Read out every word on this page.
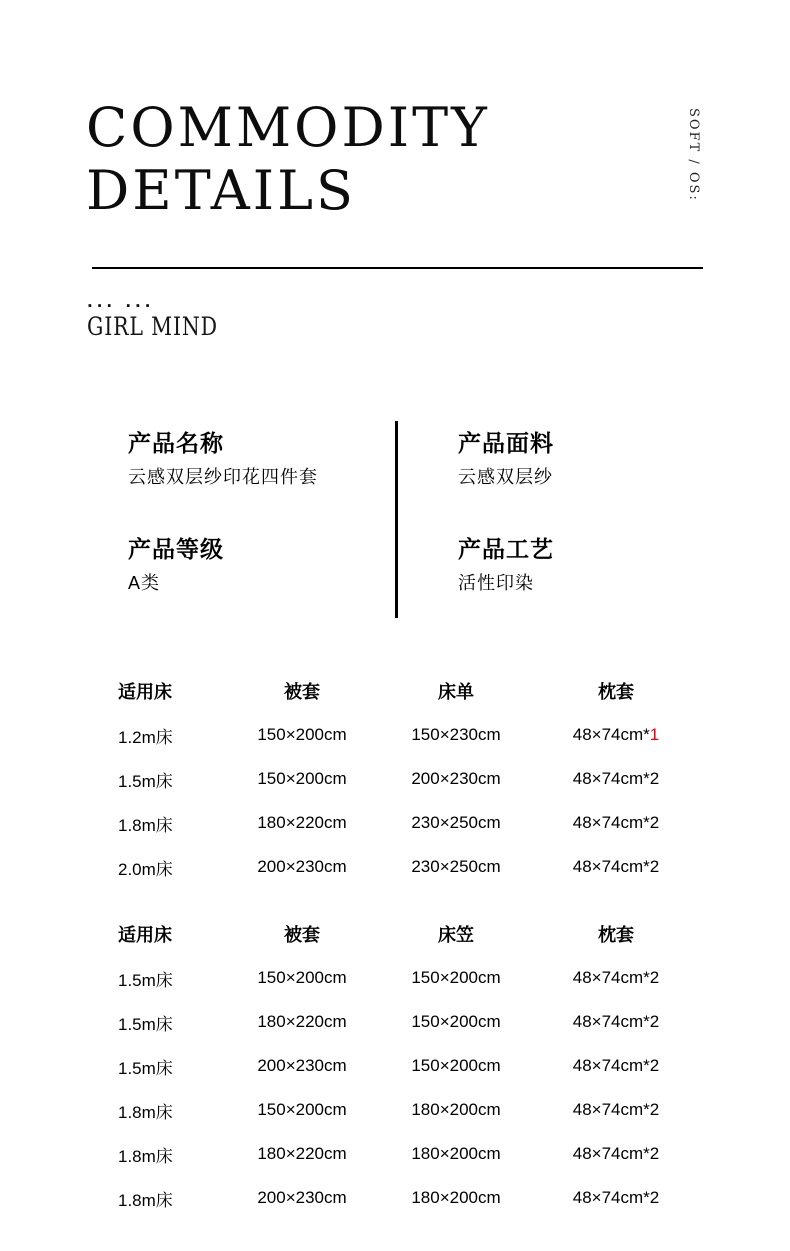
COMMODITY
DETAILS	SOFT / OS:
... ...
GIRL MIND
产品名称
云感双层纱印花四件套
产品面料
云感双层纱
产品等级
A类
产品工艺
活性印染
适用床	被套	床单	枕套
1.2m床	150×200cm	150×230cm	48×74cm* 1
1.5m床	150×200cm	200×230cm	48×74cm*2
1.8m床	180×220cm	230×250cm	48×74cm*2
2.0m床	200×230cm	230×250cm	48×74cm*2
适用床	被套	床笠	枕套
1.5m床	150×200cm	150×200cm	48×74cm*2
1.5m床	180×220cm	150×200cm	48×74cm*2
1.5m床	200×230cm	150×200cm	48×74cm*2
1.8m床	150×200cm	180×200cm	48×74cm*2
1.8m床	180×220cm	180×200cm	48×74cm*2
1.8m床	200×230cm	180×200cm	48×74cm*2
